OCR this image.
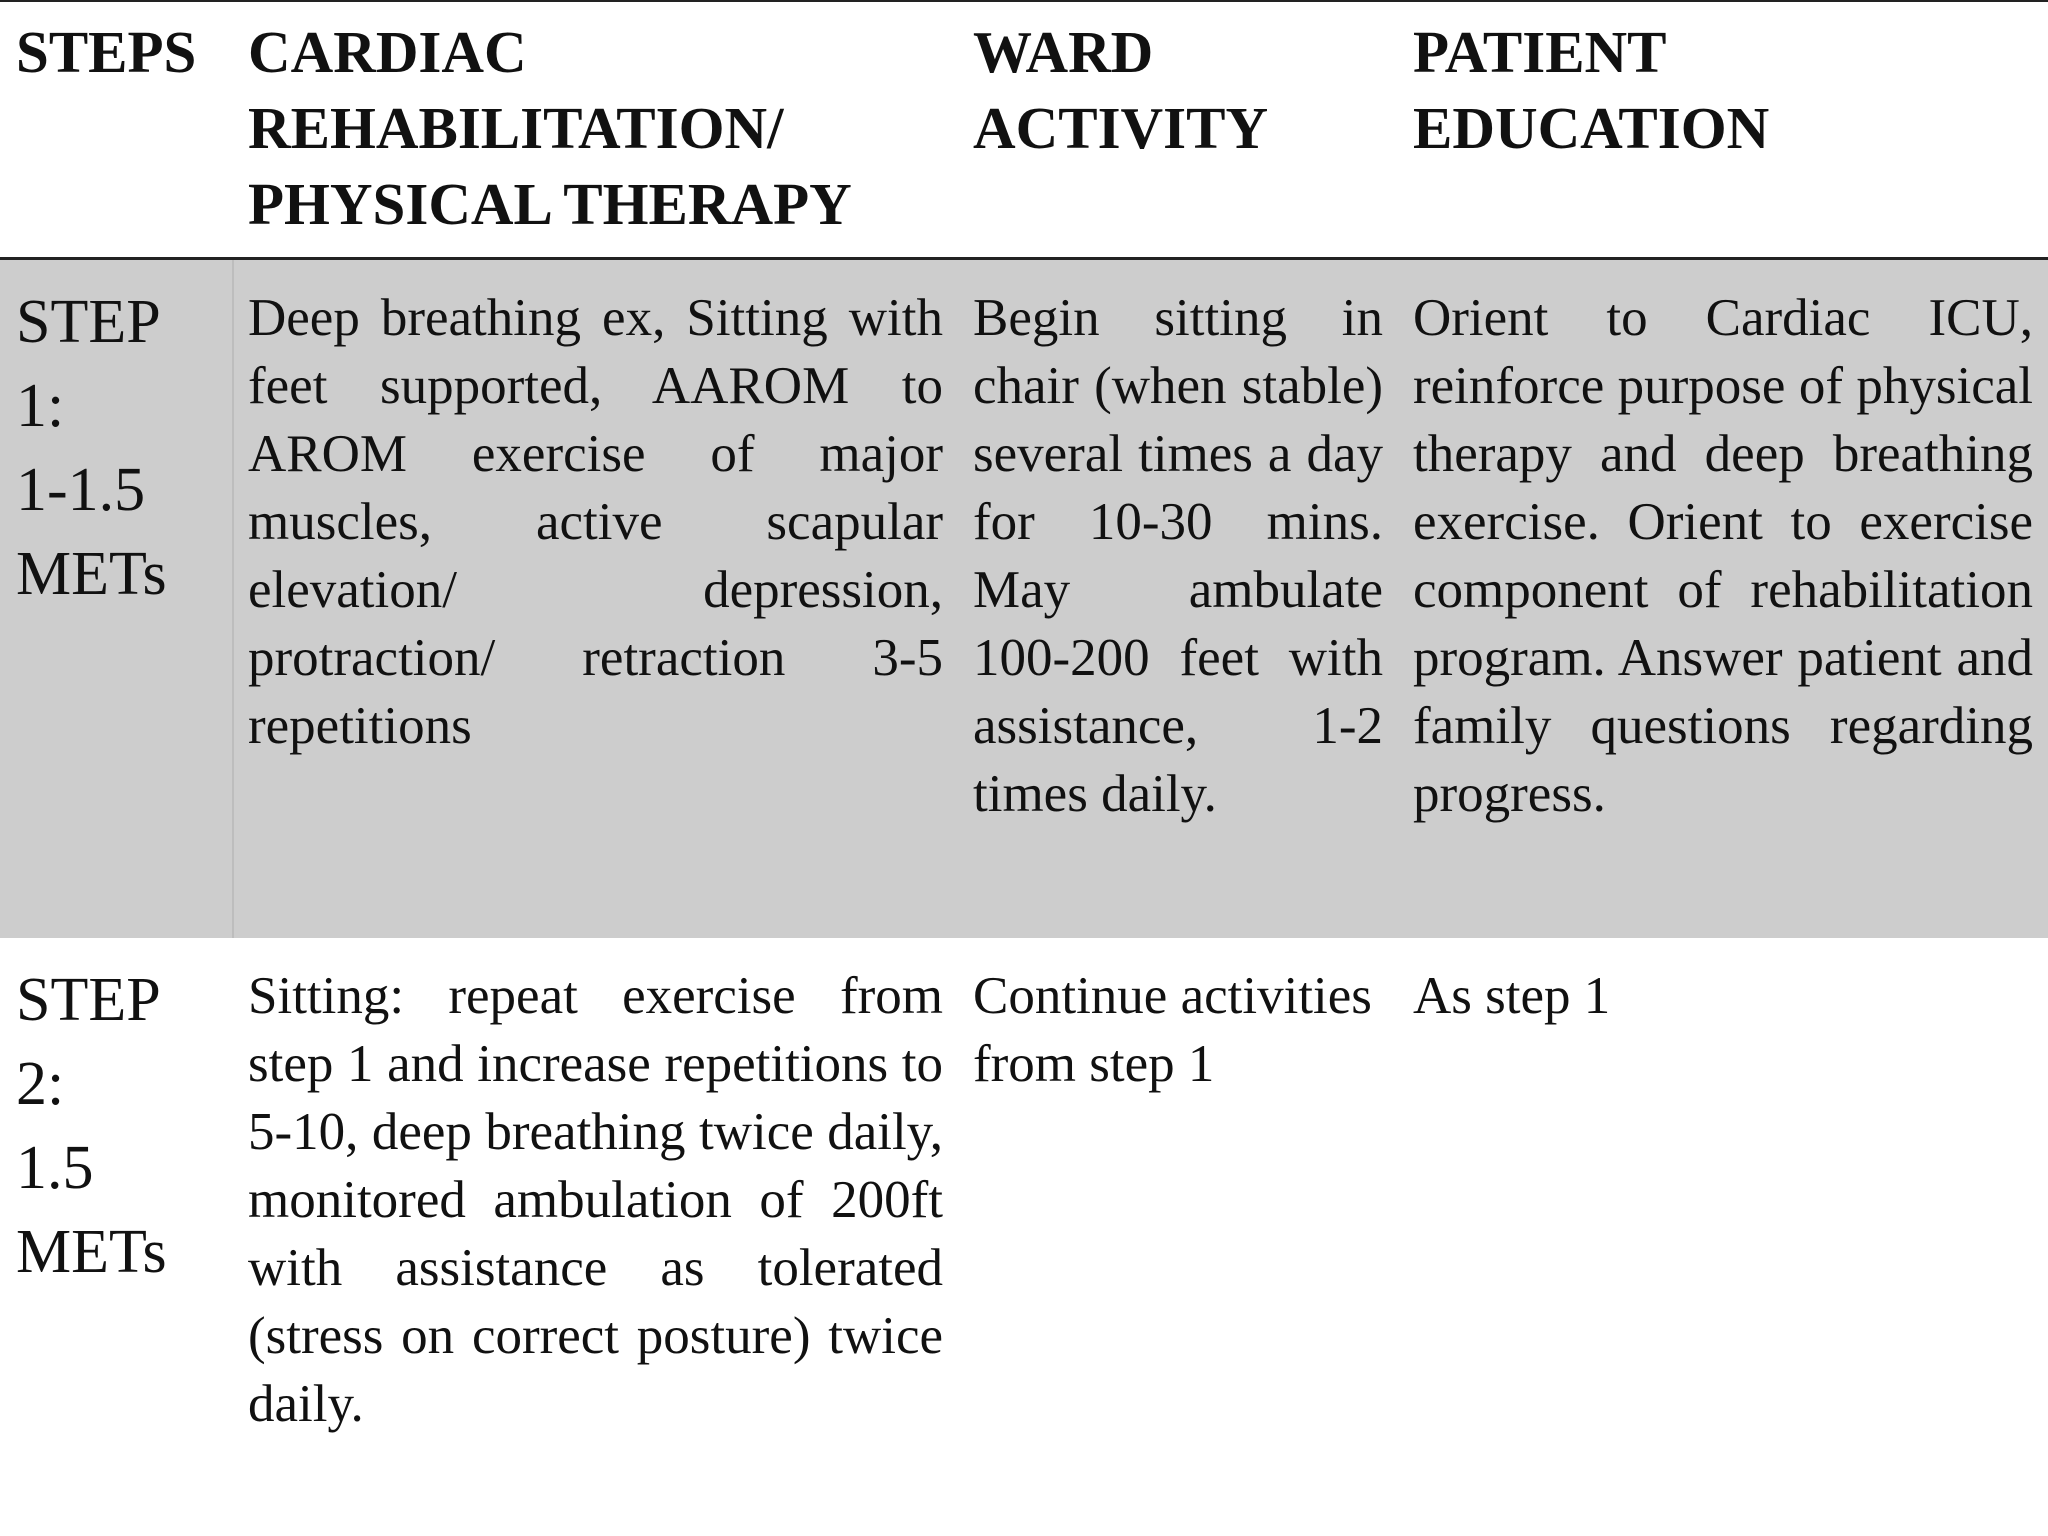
STEPS CARDIAC REHABILITATION/ PHYSICAL THERAPY
WARD ACTIVITY
PATIENT EDUCATION
STEP
1:
1-1.5
METs
Deep breathing ex, Sitting with feet supported, AAROM to AROM exercise of major muscles, active scapular elevation/ depression, protraction/ retraction 3-5 repetitions
Begin sitting in chair (when stable) several times a day for 10-30 mins. May ambulate 100-200 feet with assistance, 1-2 times daily.
Orient to Cardiac ICU, reinforce purpose of physical therapy and deep breathing exercise. Orient to exercise component of rehabilitation program. Answer patient and family questions regarding progress.
STEP
2:
1.5
METs
Sitting: repeat exercise from step 1 and increase repetitions to 5-10, deep breathing twice daily, monitored ambulation of 200ft with assistance as tolerated (stress on correct posture) twice daily.
Continue activities from step 1
As step 1
